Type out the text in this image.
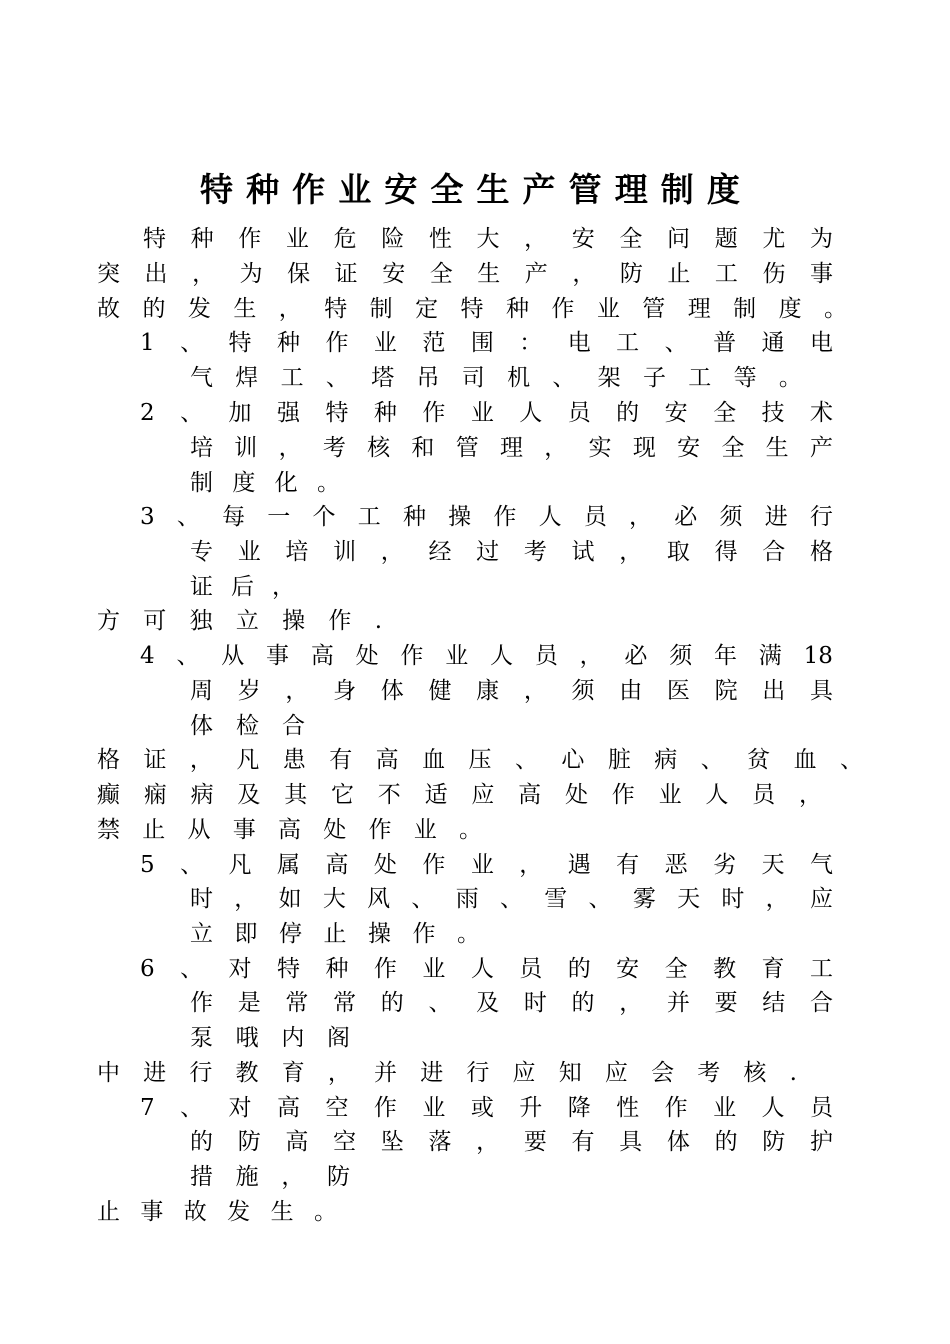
特 种 作 业 安 全 生 产 管 理 制 度
特 种 作 业 危 险 性 大 ， 安 全 问 题 尤 为
突 出 ， 为 保 证 安 全 生 产 ， 防 止 工 伤 事
故 的 发 生 ， 特 制 定 特 种 作 业 管 理 制 度 。
1 、 特 种 作 业 范 围 ： 电 工 、 普 通 电
气 焊 工 、 塔 吊 司 机 、 架 子 工 等 。
2 、 加 强 特 种 作 业 人 员 的 安 全 技 术
培 训 ， 考 核 和 管 理 ， 实 现 安 全 生 产
制 度 化 。
3 、 每 一 个 工 种 操 作 人 员 ， 必 须 进 行
专 业 培 训 ， 经 过 考 试 ， 取 得 合 格
证 后 ，
方 可 独 立 操 作 .
4 、 从 事 高 处 作 业 人 员 ， 必 须 年 满 18
周 岁 ， 身 体 健 康 ， 须 由 医 院 出 具
体 检 合
格 证 ， 凡 患 有 高 血 压 、 心 脏 病 、 贫 血 、
癫 痫 病 及 其 它 不 适 应 高 处 作 业 人 员 ，
禁 止 从 事 高 处 作 业 。
5 、 凡 属 高 处 作 业 ， 遇 有 恶 劣 天 气
时 ， 如 大 风 、 雨 、 雪 、 雾 天 时 ， 应
立 即 停 止 操 作 。
6 、 对 特 种 作 业 人 员 的 安 全 教 育 工
作 是 常 常 的 、 及 时 的 ， 并 要 结 合
泵 哦 内 阁
中 进 行 教 育 ， 并 进 行 应 知 应 会 考 核 .
7 、 对 高 空 作 业 或 升 降 性 作 业 人 员
的 防 高 空 坠 落 ， 要 有 具 体 的 防 护
措 施 ， 防
止 事 故 发 生 。
